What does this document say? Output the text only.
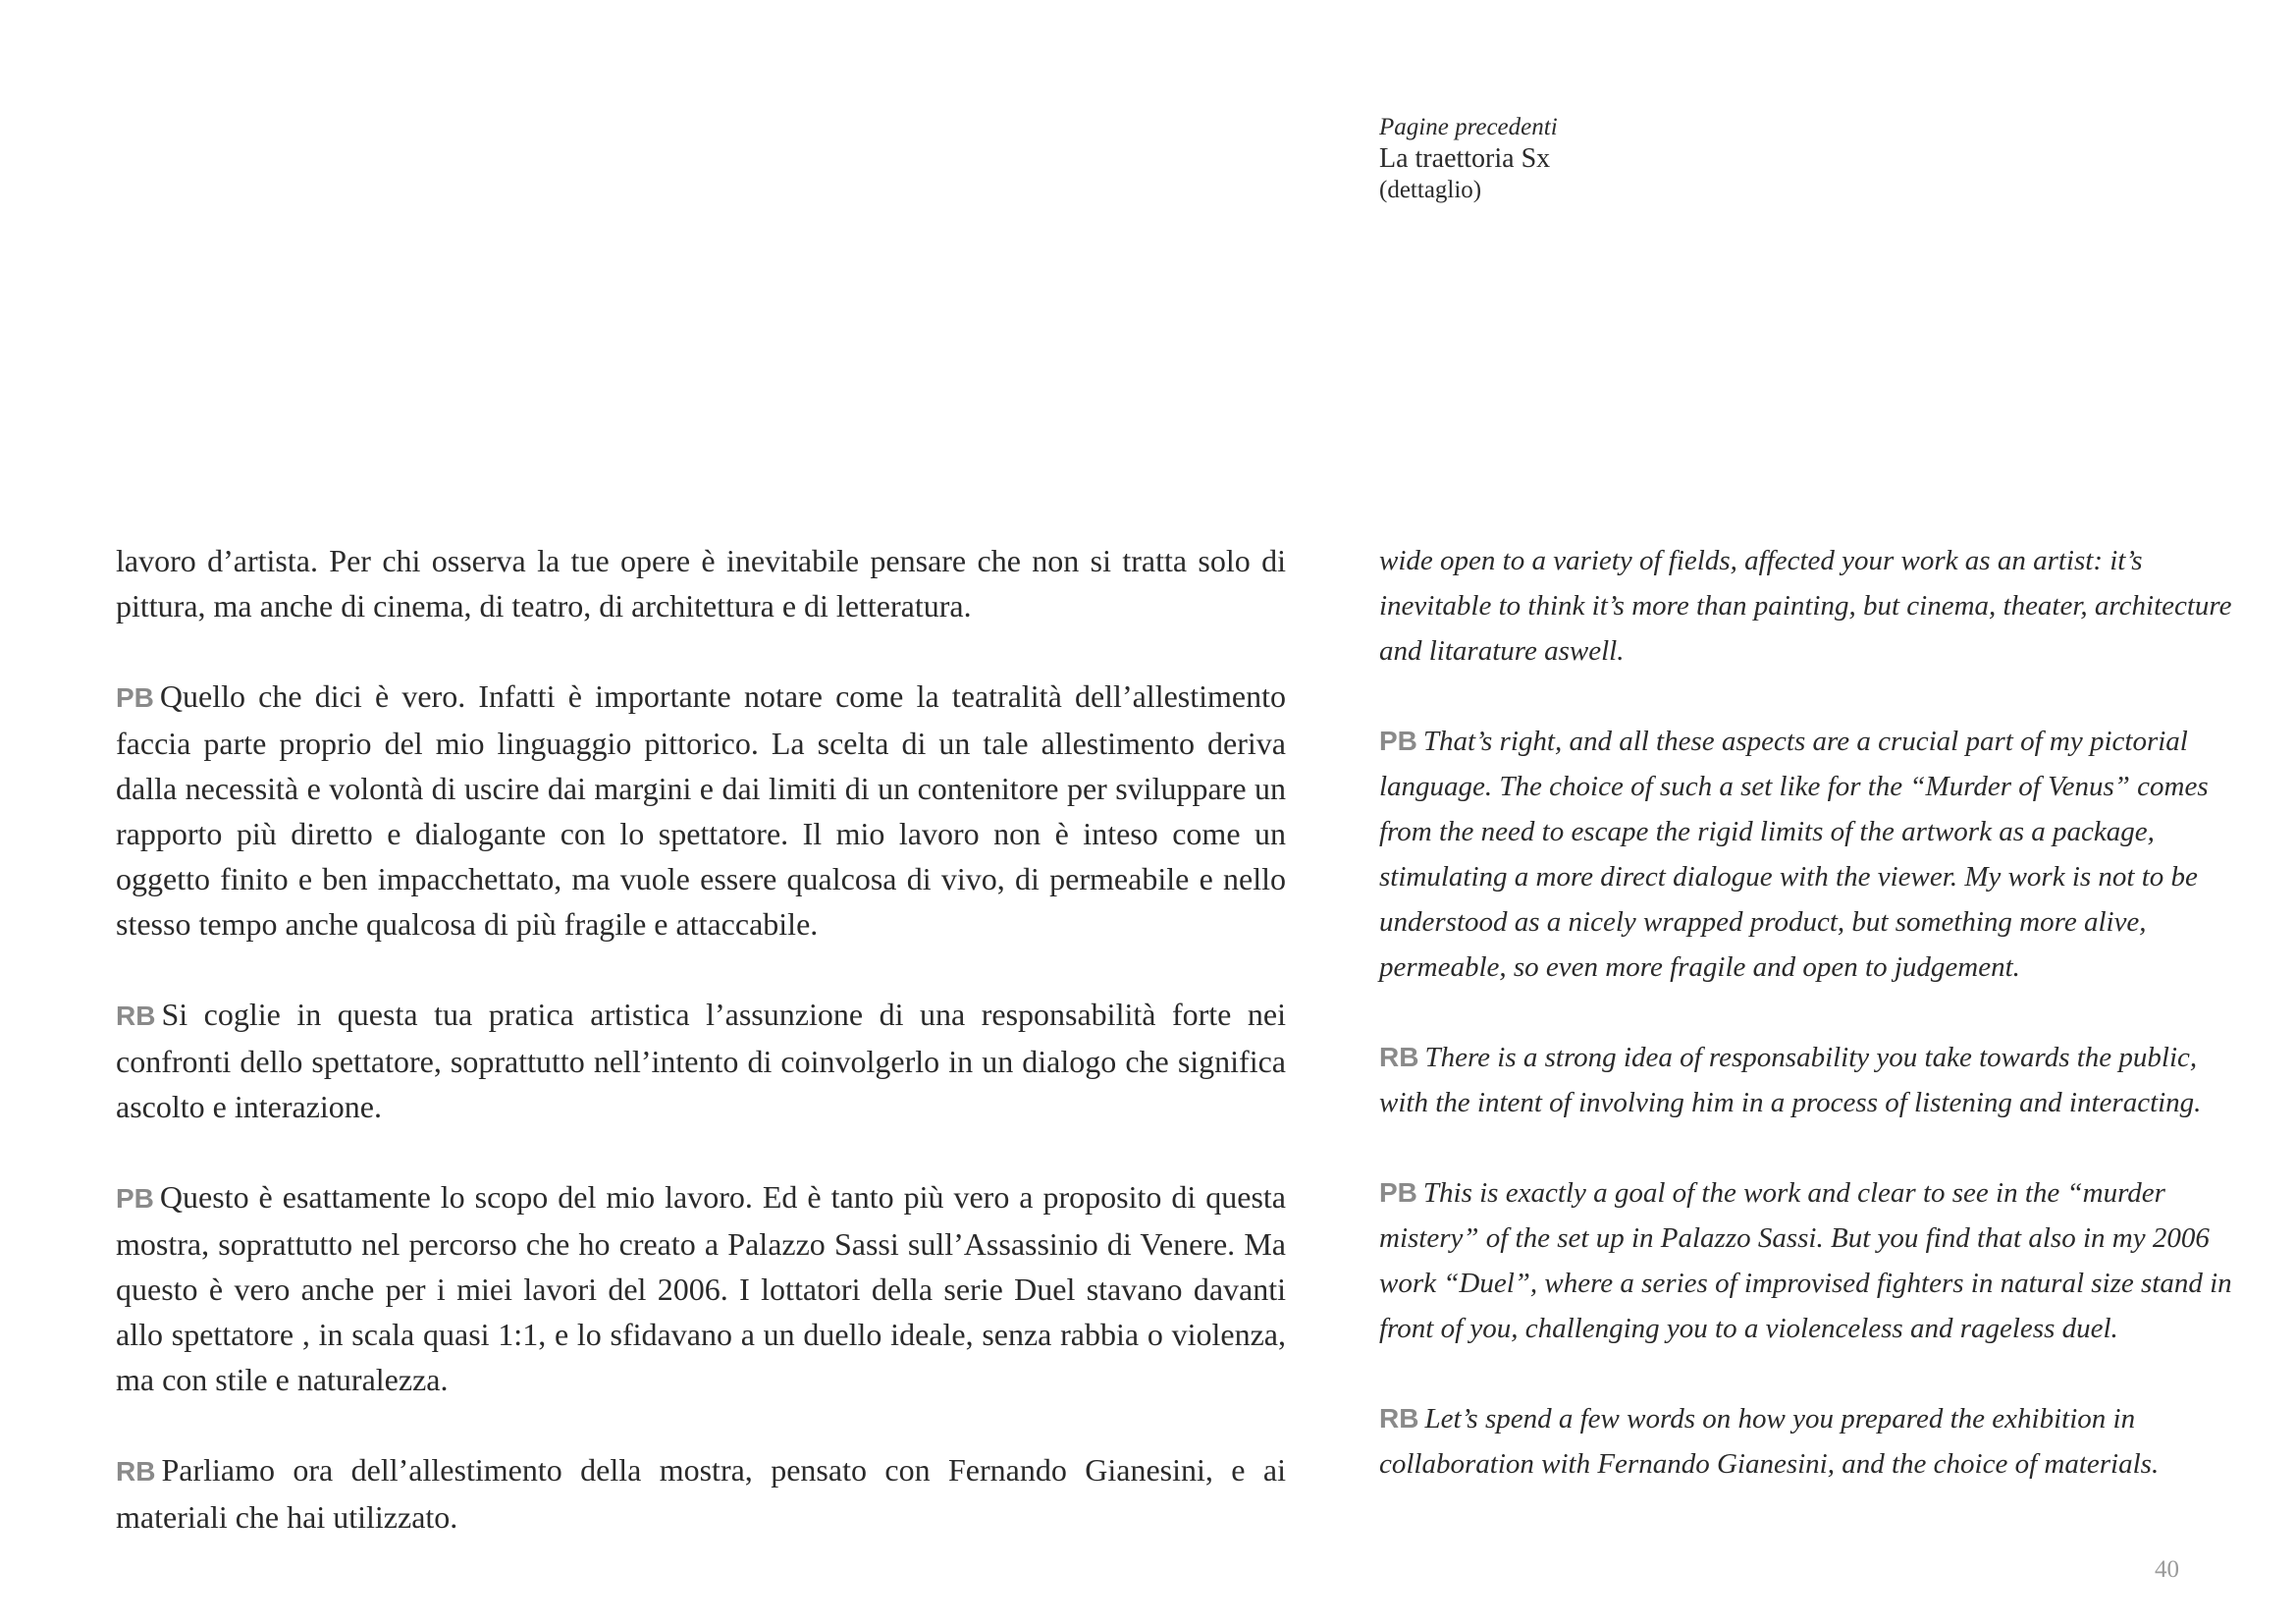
Pagine precedenti
La traettoria Sx
(dettaglio)

lavoro d’artista. Per chi osserva la tue opere è inevitabile pensare che non si tratta solo di pittura, ma anche di cinema, di teatro, di architettura e di letteratura.

PB Quello che dici è vero. Infatti è importante notare come la teatralità dell’allestimento faccia parte proprio del mio linguaggio pittorico. La scelta di un tale allestimento deriva dalla necessità e volontà di uscire dai margini e dai limiti di un contenitore per sviluppare un rapporto più diretto e dialogante con lo spettatore. Il mio lavoro non è inteso come un oggetto finito e ben impacchettato, ma vuole essere qualcosa di vivo, di permeabile e nello stesso tempo anche qualcosa di più fragile e attaccabile.

RB Si coglie in questa tua pratica artistica l’assunzione di una responsabilità forte nei confronti dello spettatore, soprattutto nell’intento di coinvolgerlo in un dialogo che significa ascolto e interazione.

PB Questo è esattamente lo scopo del mio lavoro. Ed è tanto più vero a proposito di questa mostra, soprattutto nel percorso che ho creato a Palazzo Sassi sull’Assassinio di Venere. Ma questo è vero anche per i miei lavori del 2006. I lottatori della serie Duel stavano davanti allo spettatore , in scala quasi 1:1, e lo sfidavano a un duello ideale, senza rabbia o violenza, ma con stile e naturalezza.

RB Parliamo ora dell’allestimento della mostra, pensato con Fernando Gianesini, e ai materiali che hai utilizzato.

wide open to a variety of fields, affected your work as an artist: it’s inevitable to think it’s more than painting, but cinema, theater, architecture and litarature aswell.

PB That’s right, and all these aspects are a crucial part of my pictorial language. The choice of such a set like for the “Murder of Venus” comes from the need to escape the rigid limits of the artwork as a package, stimulating a more direct dialogue with the viewer. My work is not to be understood as a nicely wrapped product, but something more alive, permeable, so even more fragile and open to judgement.

RB There is a strong idea of responsability you take towards the public, with the intent of involving him in a process of listening and interacting.

PB This is exactly a goal of the work and clear to see in the “murder mistery” of the set up in Palazzo Sassi. But you find that also in my 2006 work “Duel”, where a series of improvised fighters in natural size stand in front of you, challenging you to a violenceless and rageless duel.

RB Let’s spend a few words on how you prepared the exhibition in collaboration with Fernando Gianesini, and the choice of materials.

40
